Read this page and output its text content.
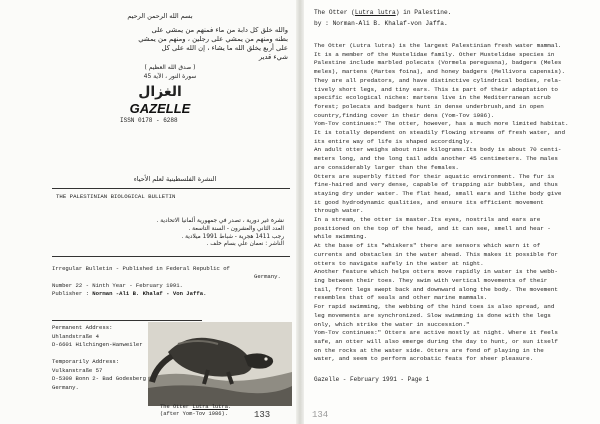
بسم الله الرحمن الرحيم
والله خلق كل دابة من ماء فمنهم من يمشي على
بطنه ومنهم من يمشي على رجلين ، ومنهم من يمشي
على أربع يخلق الله ما يشاء ، إن الله على كل
شيء قدير
( صدق الله العظيم )
سورة النور ، الآية 45
الغزال
GAZELLE
ISSN 0178 - 6288
النشرة الفلسطينية لعلم الأحياء
THE PALESTINIAN BIOLOGICAL BULLETIN
نشرة غير دورية ، تصدر في جمهورية ألمانيا الاتحادية .
العدد الثاني والعشرون - السنة التاسعة .
رجب 1411 هجرية - شباط 1991 ميلادية .
الناشر : نعمان علي بسام خلف .
Irregular Bulletin - Published in Federal Republic of
Germany.
Number 22 - Ninth Year - February 1991.
Publisher : Norman -Ali B. Khalaf - Von Jaffa.
Permanent Address:
Uhlandstraße 4
D-6601 Hilchingen-Hanweiler
Temporarily Address:
Vulkanstraße 57
D-5300 Bonn 2- Bad Godesberg
Germany.
The Otter Lutra lutra.
(after Yom-Tov 1986).	133
The Otter (Lutra lutra) in Palestine.
by : Norman-Ali B. Khalaf-von Jaffa.
The Otter (Lutra lutra) is the largest Palestinian fresh water mammal.
It is a member of the Mustelidae family. Other Mustelidae species in
Palestine include marbled polecats (Vormela peregusna), badgers (Meles
meles), martens (Martes foina), and honey badgers (Mellivora capensis).
They are all predators, and have distinctive cylindrical bodies, rela-
tively short legs, and tiny ears. This is part of their adaptation to
specific ecological niches: martens live in the Mediterranean scrub
forest; polecats and badgers hunt in dense underbrush,and in open
country,finding cover in their dens (Yom-Tov 1986).
Yom-Tov continues:" The otter, however, has a much more limited habitat.
It is totally dependent on steadily flowing streams of fresh water, and
its entire way of life is shaped accordingly.
An adult otter weighs about nine kilograms.Its body is about 70 centi-
meters long, and the long tail adds another 45 centimeters. The males
are considerably larger than the females.
Otters are superbly fitted for their aquatic environment. The fur is
fine-haired and very dense, capable of trapping air bubbles, and thus
staying dry under water. The flat head, small ears and lithe body give
it good hydrodynamic qualities, and ensure its efficient movement
through water.
In a stream, the otter is master.Its eyes, nostrils and ears are
positioned on the top of the head, and it can see, smell and hear -
while swimming.
At the base of its "whiskers" there are sensors which warn it of
currents and obstacles in the water ahead. This makes it possible for
otters to navigate safely in the water at night.
Another feature which helps otters move rapidly in water is the webb-
ing between their toes. They swim with vertical movements of their
tail, front legs swept back and downward along the body. The movement
resembles that of seals and other marine mammals.
For rapid swimming, the webbing of the hind toes is also spread, and
leg movements are synchronized. Slow swimming is done with the legs
only, which strike the water in succession."
Yom-Tov continues:" Otters are active mostly at night. Where it feels
safe, an otter will also emerge during the day to hunt, or sun itself
on the rocks at the water side. Otters are fond of playing in the
water, and seem to perform acrobatic feats for sheer pleasure.
Gazelle - February 1991 - Page 1
134
